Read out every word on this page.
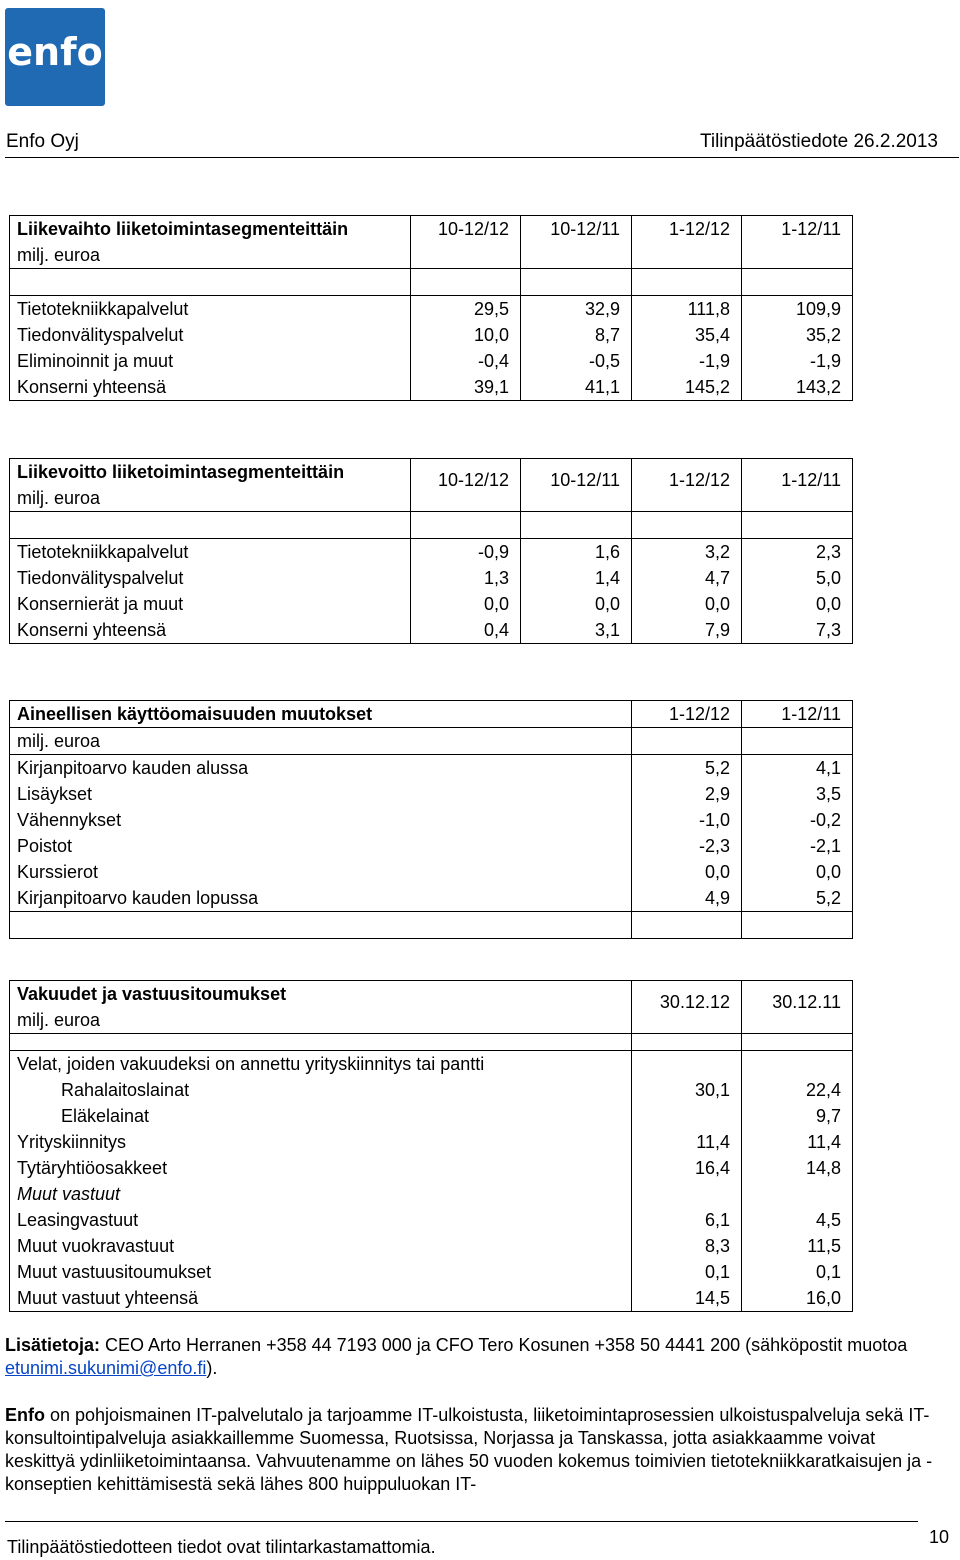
enfo
Enfo Oyj	Tilinpäätöstiedote 26.2.2013
Liikevaihto liiketoimintasegmenteittäin	10-12/12	10-12/11	1-12/12	1-12/11
milj. euroa				

Tietotekniikkapalvelut	29,5	32,9	111,8	109,9
Tiedonvälityspalvelut	10,0	8,7	35,4	35,2
Eliminoinnit ja muut	-0,4	-0,5	-1,9	-1,9
Konserni yhteensä	39,1	41,1	145,2	143,2
Liikevoitto liiketoimintasegmenteittäin	10-12/12	10-12/11	1-12/12	1-12/11
milj. euroa				

Tietotekniikkapalvelut	-0,9	1,6	3,2	2,3
Tiedonvälityspalvelut	1,3	1,4	4,7	5,0
Konsernierät ja muut	0,0	0,0	0,0	0,0
Konserni yhteensä	0,4	3,1	7,9	7,3
Aineellisen käyttöomaisuuden muutokset	1-12/12	1-12/11
milj. euroa		
Kirjanpitoarvo kauden alussa	5,2	4,1
Lisäykset	2,9	3,5
Vähennykset	-1,0	-0,2
Poistot	-2,3	-2,1
Kurssierot	0,0	0,0
Kirjanpitoarvo kauden lopussa	4,9	5,2

Vakuudet ja vastuusitoumukset	30.12.12	30.12.11
milj. euroa		

Velat, joiden vakuudeksi on annettu yrityskiinnitys tai pantti		
Rahalaitoslainat	30,1	22,4
Eläkelainat		9,7
Yrityskiinnitys	11,4	11,4
Tytäryhtiöosakkeet	16,4	14,8
Muut vastuut		
Leasingvastuut	6,1	4,5
Muut vuokravastuut	8,3	11,5
Muut vastuusitoumukset	0,1	0,1
Muut vastuut yhteensä	14,5	16,0
Lisätietoja: CEO Arto Herranen +358 44 7193 000 ja CFO Tero Kosunen +358 50 4441 200 (sähköpostit muotoa etunimi.sukunimi@enfo.fi).
Enfo on pohjoismainen IT-palvelutalo ja tarjoamme IT-ulkoistusta, liiketoimintaprosessien ulkoistuspalveluja sekä IT-konsultointipalveluja asiakkaillemme Suomessa, Ruotsissa, Norjassa ja Tanskassa, jotta asiakkaamme voivat keskittyä ydinliiketoimintaansa. Vahvuutenamme on lähes 50 vuoden kokemus toimivien tietotekniikkaratkaisujen ja -konseptien kehittämisestä sekä lähes 800 huippuluokan IT-
Tilinpäätöstiedotteen tiedot ovat tilintarkastamattomia.	10
